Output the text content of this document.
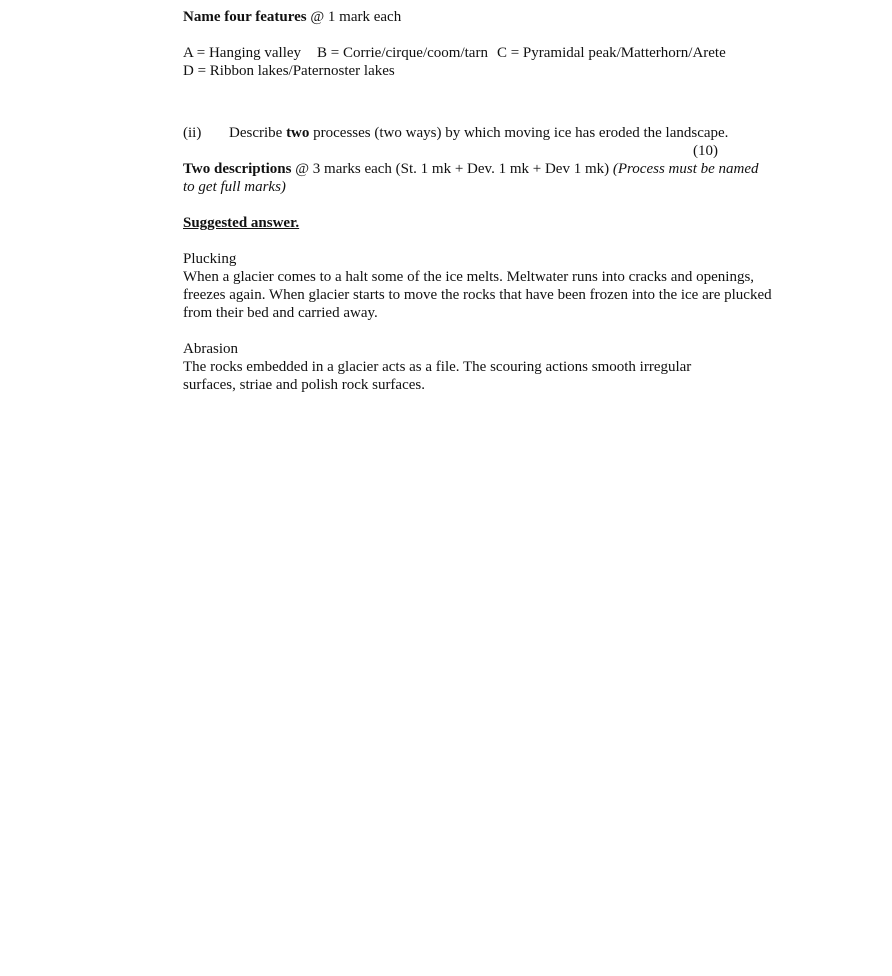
Name four features @ 1 mark each
A = Hanging valley B = Corrie/cirque/coom/tarn C = Pyramidal peak/Matterhorn/Arete
D = Ribbon lakes/Paternoster lakes
(ii) Describe two processes (two ways) by which moving ice has eroded the landscape.
(10)
Two descriptions @ 3 marks each (St. 1 mk + Dev. 1 mk + Dev 1 mk) (Process must be named to get full marks)
Suggested answer.
Plucking
When a glacier comes to a halt some of the ice melts. Meltwater runs into cracks and openings, freezes again. When glacier starts to move the rocks that have been frozen into the ice are plucked from their bed and carried away.
Abrasion
The rocks embedded in a glacier acts as a file. The scouring actions smooth irregular surfaces, striae and polish rock surfaces.
